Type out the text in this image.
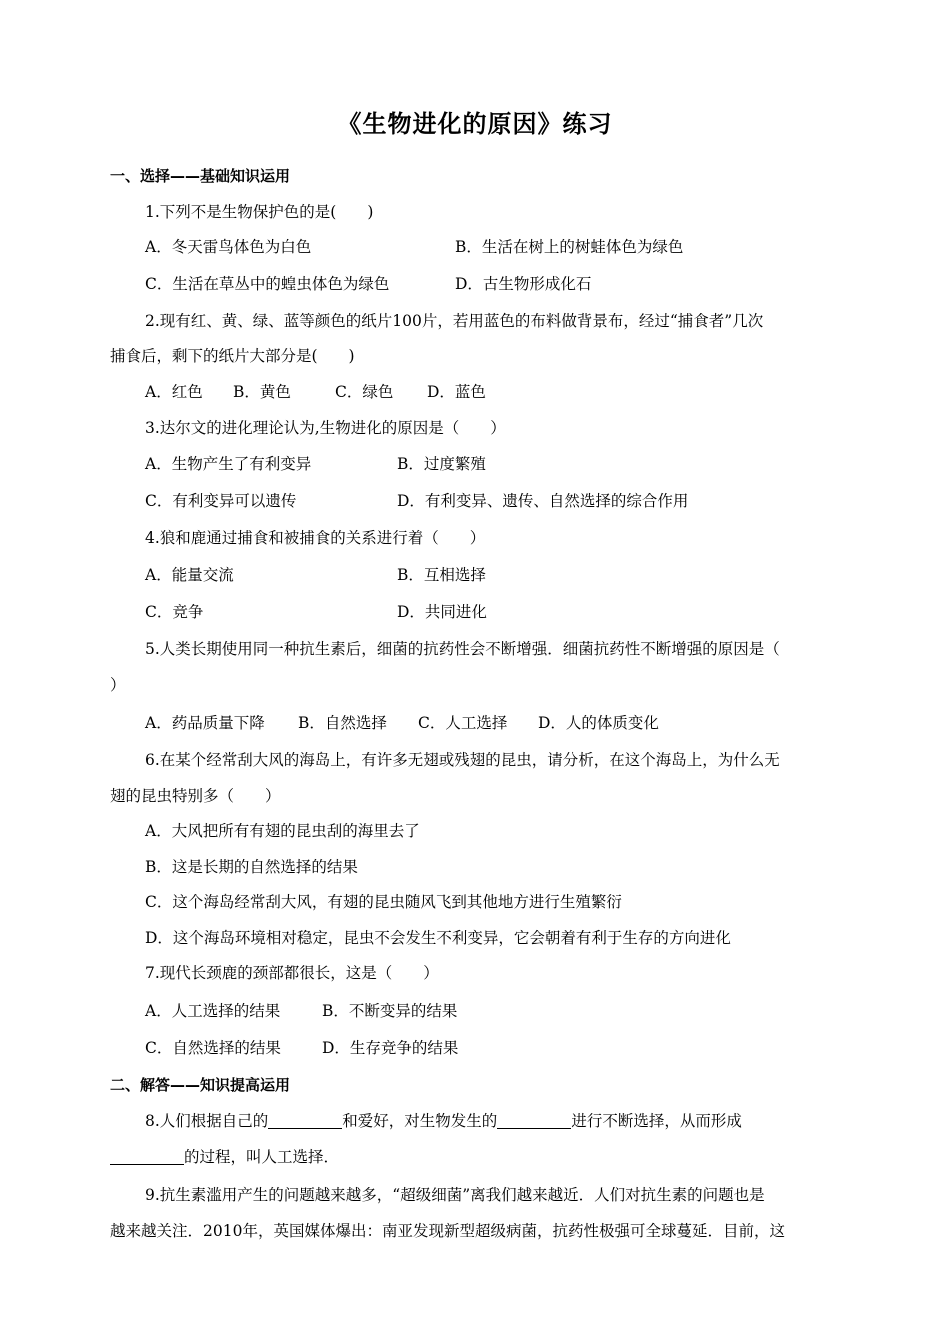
《生物进化的原因》练习
一、选择——基础知识运用
1.下列不是生物保护色的是(　　)
A．冬天雷鸟体色为白色	B．生活在树上的树蛙体色为绿色
C．生活在草丛中的蝗虫体色为绿色	D．古生物形成化石
2.现有红、黄、绿、蓝等颜色的纸片100片，若用蓝色的布料做背景布，经过“捕食者”几次
捕食后，剩下的纸片大部分是(　　)
A．红色 B．黄色	C．绿色 D．蓝色
3.达尔文的进化理论认为,生物进化的原因是（　　）
A．生物产生了有利变异	B．过度繁殖
C．有利变异可以遗传	D．有利变异、遗传、自然选择的综合作用
4.狼和鹿通过捕食和被捕食的关系进行着（　　）
A．能量交流	B．互相选择
C．竞争	D．共同进化
5.人类长期使用同一种抗生素后，细菌的抗药性会不断增强．细菌抗药性不断增强的原因是（
）
A．药品质量下降 B．自然选择 C．人工选择 D．人的体质变化
6.在某个经常刮大风的海岛上，有许多无翅或残翅的昆虫，请分析，在这个海岛上，为什么无
翅的昆虫特别多（　　）
A．大风把所有有翅的昆虫刮的海里去了
B．这是长期的自然选择的结果
C．这个海岛经常刮大风，有翅的昆虫随风飞到其他地方进行生殖繁衍
D．这个海岛环境相对稳定，昆虫不会发生不利变异，它会朝着有利于生存的方向进化
7.现代长颈鹿的颈部都很长，这是（　　）
A．人工选择的结果	B．不断变异的结果
C．自然选择的结果	D．生存竞争的结果
二、解答——知识提高运用
8.人们根据自己的	和爱好，对生物发生的	进行不断选择，从而形成
的过程，叫人工选择．
9.抗生素滥用产生的问题越来越多，“超级细菌”离我们越来越近．人们对抗生素的问题也是
越来越关注．2010年，英国媒体爆出：南亚发现新型超级病菌，抗药性极强可全球蔓延．目前，这
